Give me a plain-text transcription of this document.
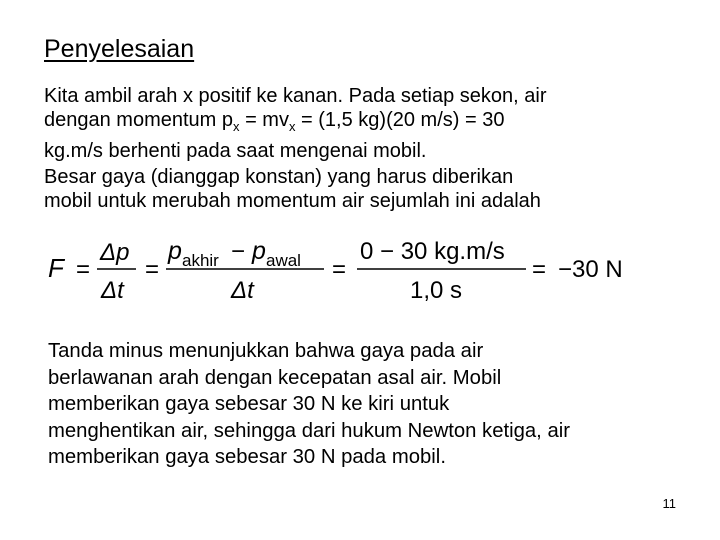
Penyelesaian

Kita ambil arah x positif ke kanan. Pada setiap sekon, air
dengan momentum $p_x = mv_x = (1,5$ kg)(20 m/s) = 30
kg.m/s berhenti pada saat mengenai mobil.

Besar gaya (dianggap konstan) yang harus diberikan
mobil untuk merubah momentum air sejumlah ini adalah

F =
Δp
Δt
=
p akhir − p awal
Δt
=
0 − 30 kg.m/s
1,0 s
= −30 N

Tanda minus menunjukkan bahwa gaya pada air
berlawanan arah dengan kecepatan asal air. Mobil
memberikan gaya sebesar 30 N ke kiri untuk
menghentikan air, sehingga dari hukum Newton ketiga, air
memberikan gaya sebesar 30 N pada mobil.

11
